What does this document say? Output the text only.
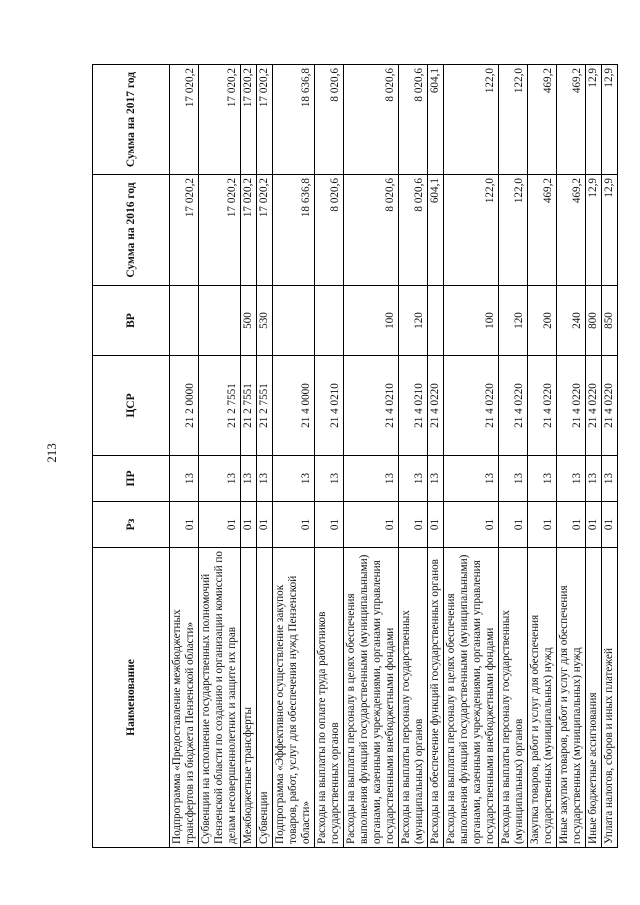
213
Наименование	Рз	ПР	ЦСР	ВР	Сумма на 2016 год	Сумма на 2017 год
Подпрограмма «Предоставление межбюджетных трансфертов из бюджета Пензенской области»	01	13	21 2 0000		17 020,2	17 020,2
Субвенции на исполнение государственных полномочий Пензенской области по созданию и организации комиссий по делам несовершеннолетних и защите их прав	01	13	21 2 7551		17 020,2	17 020,2
Межбюджетные трансферты	01	13	21 2 7551	500	17 020,2	17 020,2
Субвенции	01	13	21 2 7551	530	17 020,2	17 020,2
Подпрограмма «Эффективное осуществление закупок товаров, работ, услуг для обеспечения нужд Пензенской области»	01	13	21 4 0000		18 636,8	18 636,8
Расходы на выплаты по оплате труда работников государственных органов	01	13	21 4 0210		8 020,6	8 020,6
Расходы на выплаты персоналу в целях обеспечения выполнения функций государственными (муниципальными) органами, казенными учреждениями, органами управления государственными внебюджетными фондами	01	13	21 4 0210	100	8 020,6	8 020,6
Расходы на выплаты персоналу государственных (муниципальных) органов	01	13	21 4 0210	120	8 020,6	8 020,6
Расходы на обеспечение функций государственных органов	01	13	21 4 0220		604,1	604,1
Расходы на выплаты персоналу в целях обеспечения выполнения функций государственными (муниципальными) органами, казенными учреждениями, органами управления государственными внебюджетными фондами	01	13	21 4 0220	100	122,0	122,0
Расходы на выплаты персоналу государственных (муниципальных) органов	01	13	21 4 0220	120	122,0	122,0
Закупка товаров, работ и услуг для обеспечения государственных (муниципальных) нужд	01	13	21 4 0220	200	469,2	469,2
Иные закупки товаров, работ и услуг для обеспечения государственных (муниципальных) нужд	01	13	21 4 0220	240	469,2	469,2
Иные бюджетные ассигнования	01	13	21 4 0220	800	12,9	12,9
Уплата налогов, сборов и иных платежей	01	13	21 4 0220	850	12,9	12,9
